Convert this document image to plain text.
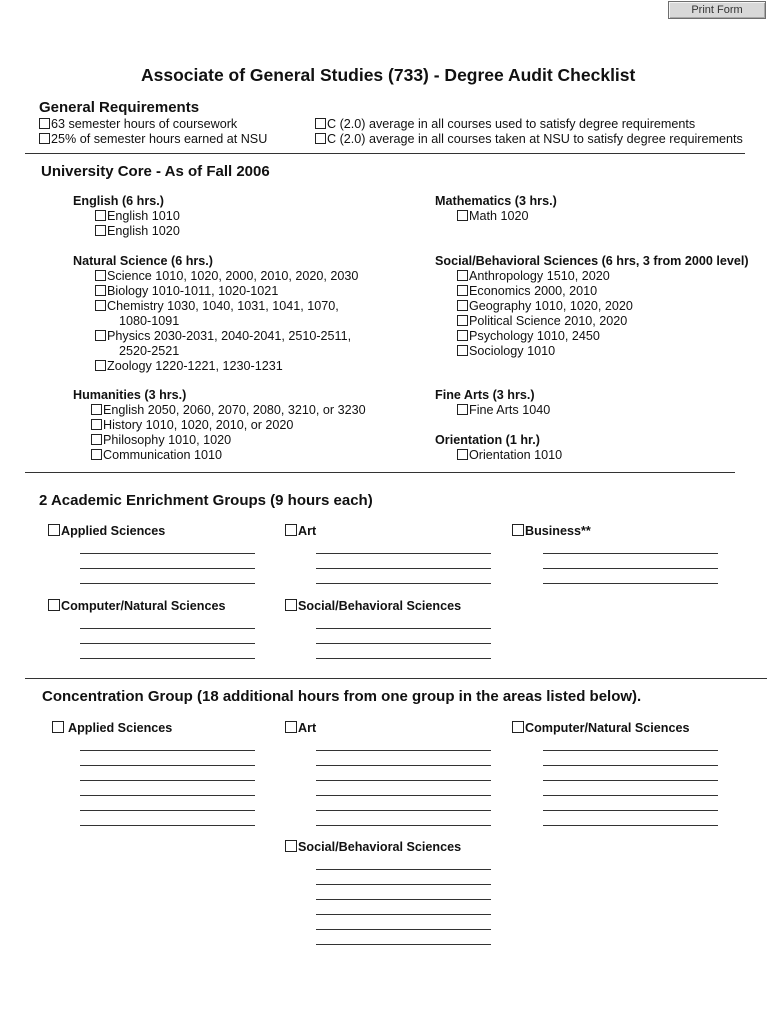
Print Form
Associate of General Studies (733) - Degree Audit Checklist
General Requirements
63 semester hours of coursework
25% of semester hours earned at NSU
C (2.0) average in all courses used to satisfy degree requirements
C (2.0) average in all courses taken at NSU to satisfy degree requirements
University Core - As of Fall 2006
English (6 hrs.)
English 1010
English 1020
Mathematics (3 hrs.)
Math 1020
Natural Science (6 hrs.)
Science 1010, 1020, 2000, 2010, 2020, 2030
Biology 1010-1011, 1020-1021
Chemistry 1030, 1040, 1031, 1041, 1070,
1080-1091
Physics 2030-2031, 2040-2041, 2510-2511,
2520-2521
Zoology 1220-1221, 1230-1231
Social/Behavioral Sciences (6 hrs, 3 from 2000 level)
Anthropology 1510, 2020
Economics 2000, 2010
Geography 1010, 1020, 2020
Political Science 2010, 2020
Psychology 1010, 2450
Sociology 1010
Humanities (3 hrs.)
English 2050, 2060, 2070, 2080, 3210, or 3230
History 1010, 1020, 2010, or 2020
Philosophy 1010, 1020
Communication 1010
Fine Arts (3 hrs.)
Fine Arts 1040
Orientation (1 hr.)
Orientation 1010
2 Academic Enrichment Groups (9 hours each)
Applied Sciences	Art	Business**
Computer/Natural Sciences	Social/Behavioral Sciences
Concentration Group (18 additional hours from one group in the areas listed below).
Applied Sciences	Art	Computer/Natural Sciences
Social/Behavioral Sciences
